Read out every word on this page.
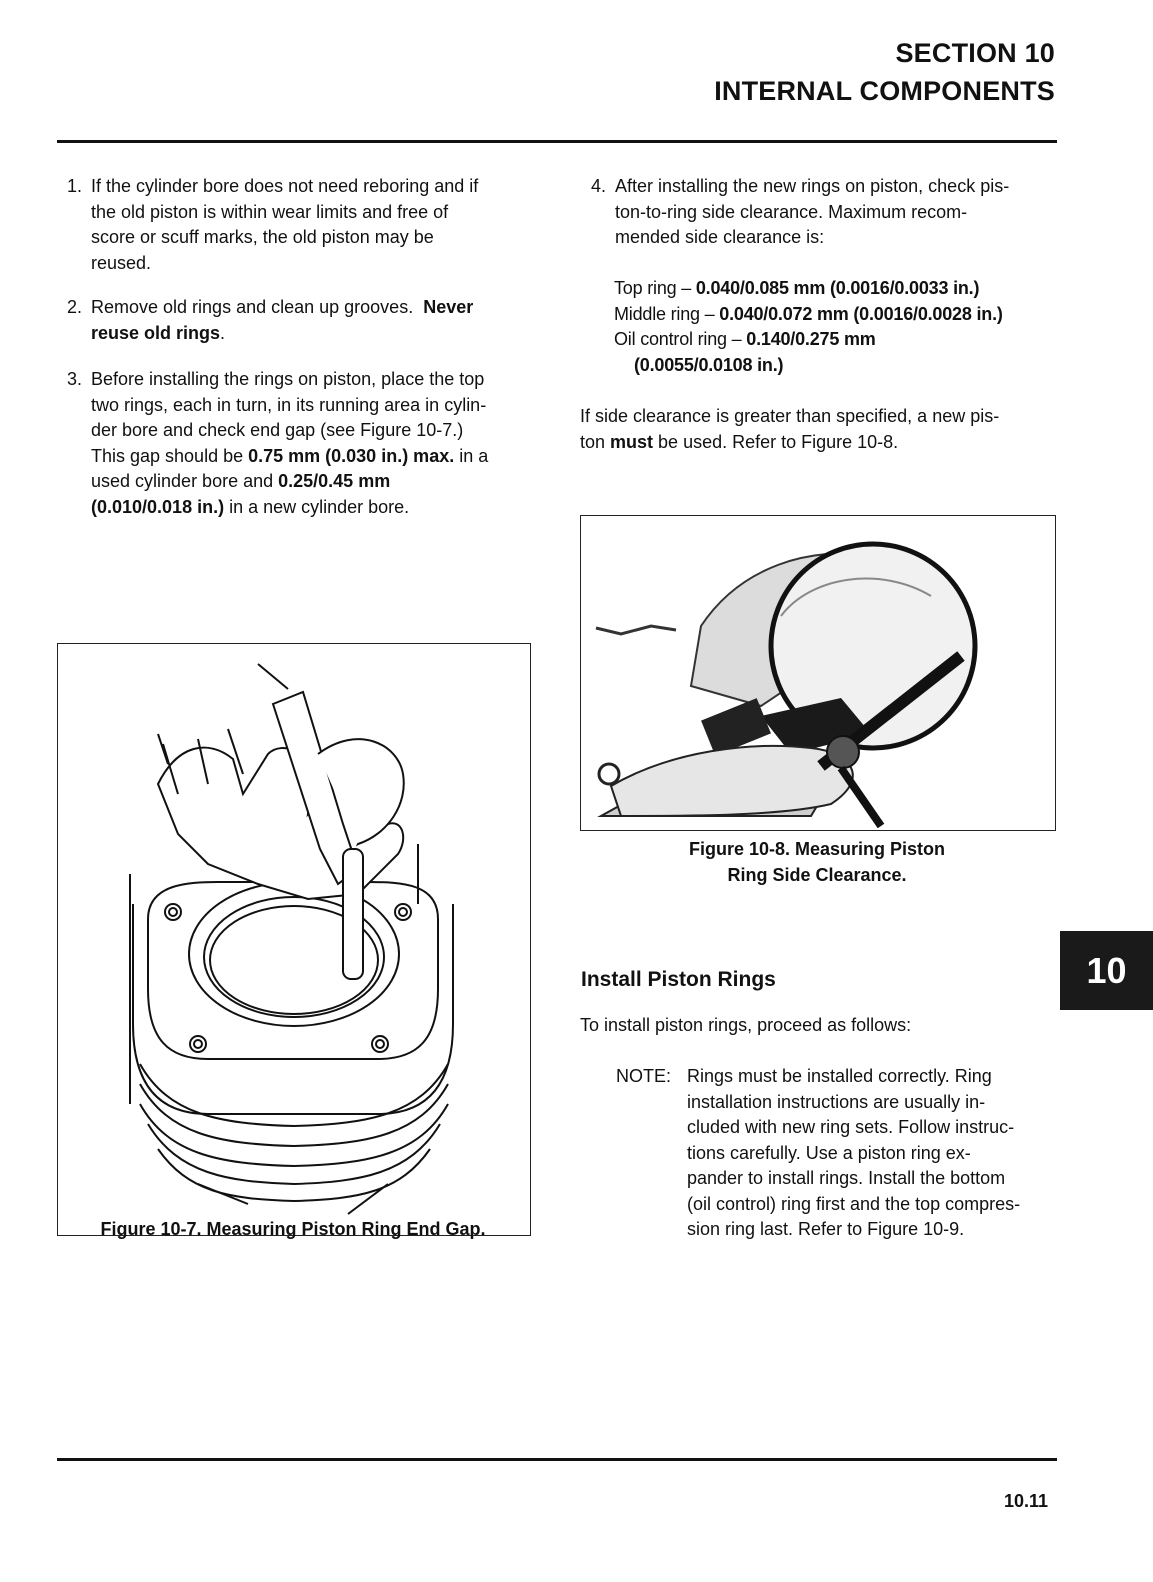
SECTION 10
INTERNAL COMPONENTS
1. If the cylinder bore does not need reboring and if
the old piston is within wear limits and free of
score or scuff marks, the old piston may be
reused.
2. Remove old rings and clean up grooves.  Never
reuse old rings.
3. Before installing the rings on piston, place the top
two rings, each in turn, in its running area in cylin-
der bore and check end gap (see Figure 10-7.)
This gap should be 0.75 mm (0.030 in.) max. in a
used cylinder bore and 0.25/0.45 mm
(0.010/0.018 in.) in a new cylinder bore.
4. After installing the new rings on piston, check pis-
ton-to-ring side clearance. Maximum recom-
mended side clearance is:
Top ring – 0.040/0.085 mm (0.0016/0.0033 in.)
Middle ring – 0.040/0.072 mm (0.0016/0.0028 in.)
Oil control ring – 0.140/0.275 mm
(0.0055/0.0108 in.)
If side clearance is greater than specified, a new pis-
ton must be used. Refer to Figure 10-8.
Figure 10-8. Measuring Piston
Ring Side Clearance.
Figure 10-7. Measuring Piston Ring End Gap.
10
Install Piston Rings
To install piston rings, proceed as follows:
NOTE: Rings must be installed correctly. Ring
installation instructions are usually in-
cluded with new ring sets. Follow instruc-
tions carefully. Use a piston ring ex-
pander to install rings. Install the bottom
(oil control) ring first and the top compres-
sion ring last. Refer to Figure 10-9.
10.11
